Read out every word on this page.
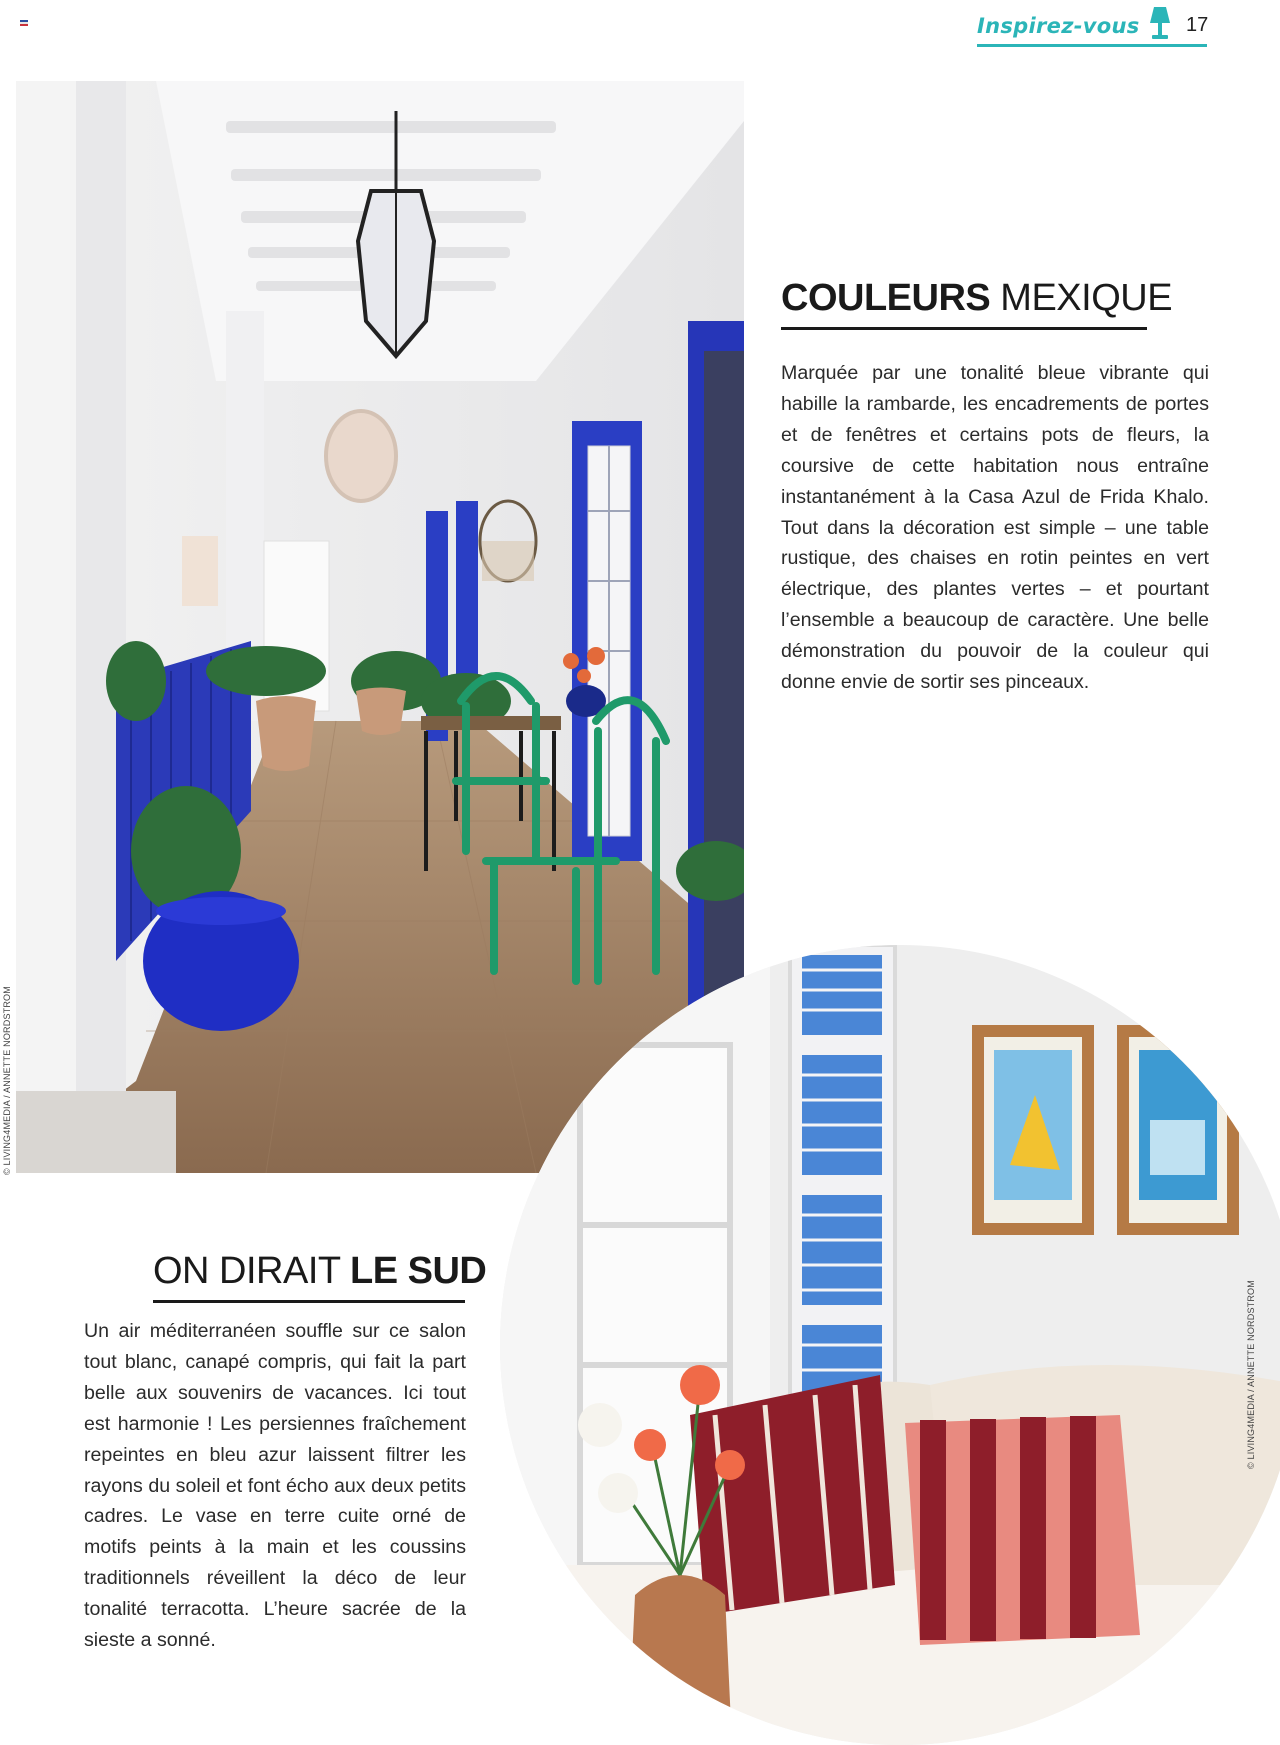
Inspirez-vous 17
© LIVING4MEDIA / ANNETTE NORDSTROM
© LIVING4MEDIA / ANNETTE NORDSTROM
COULEURS MEXIQUE

Marquée par une tonalité bleue vibrante qui habille la rambarde, les encadrements de portes et de fenêtres et certains pots de fleurs, la coursive de cette habitation nous entraîne instantanément à la Casa Azul de Frida Khalo. Tout dans la décoration est simple – une table rustique, des chaises en rotin peintes en vert électrique, des plantes vertes – et pourtant l’ensemble a beaucoup de caractère. Une belle démonstration du pouvoir de la couleur qui donne envie de sortir ses pinceaux.

ON DIRAIT LE SUD

Un air méditerranéen souffle sur ce salon tout blanc, canapé compris, qui fait la part belle aux souvenirs de vacances. Ici tout est harmonie ! Les persiennes fraîchement repeintes en bleu azur laissent filtrer les rayons du soleil et font écho aux deux petits cadres. Le vase en terre cuite orné de motifs peints à la main et les coussins traditionnels réveillent la déco de leur tonalité terracotta. L’heure sacrée de la sieste a sonné.
